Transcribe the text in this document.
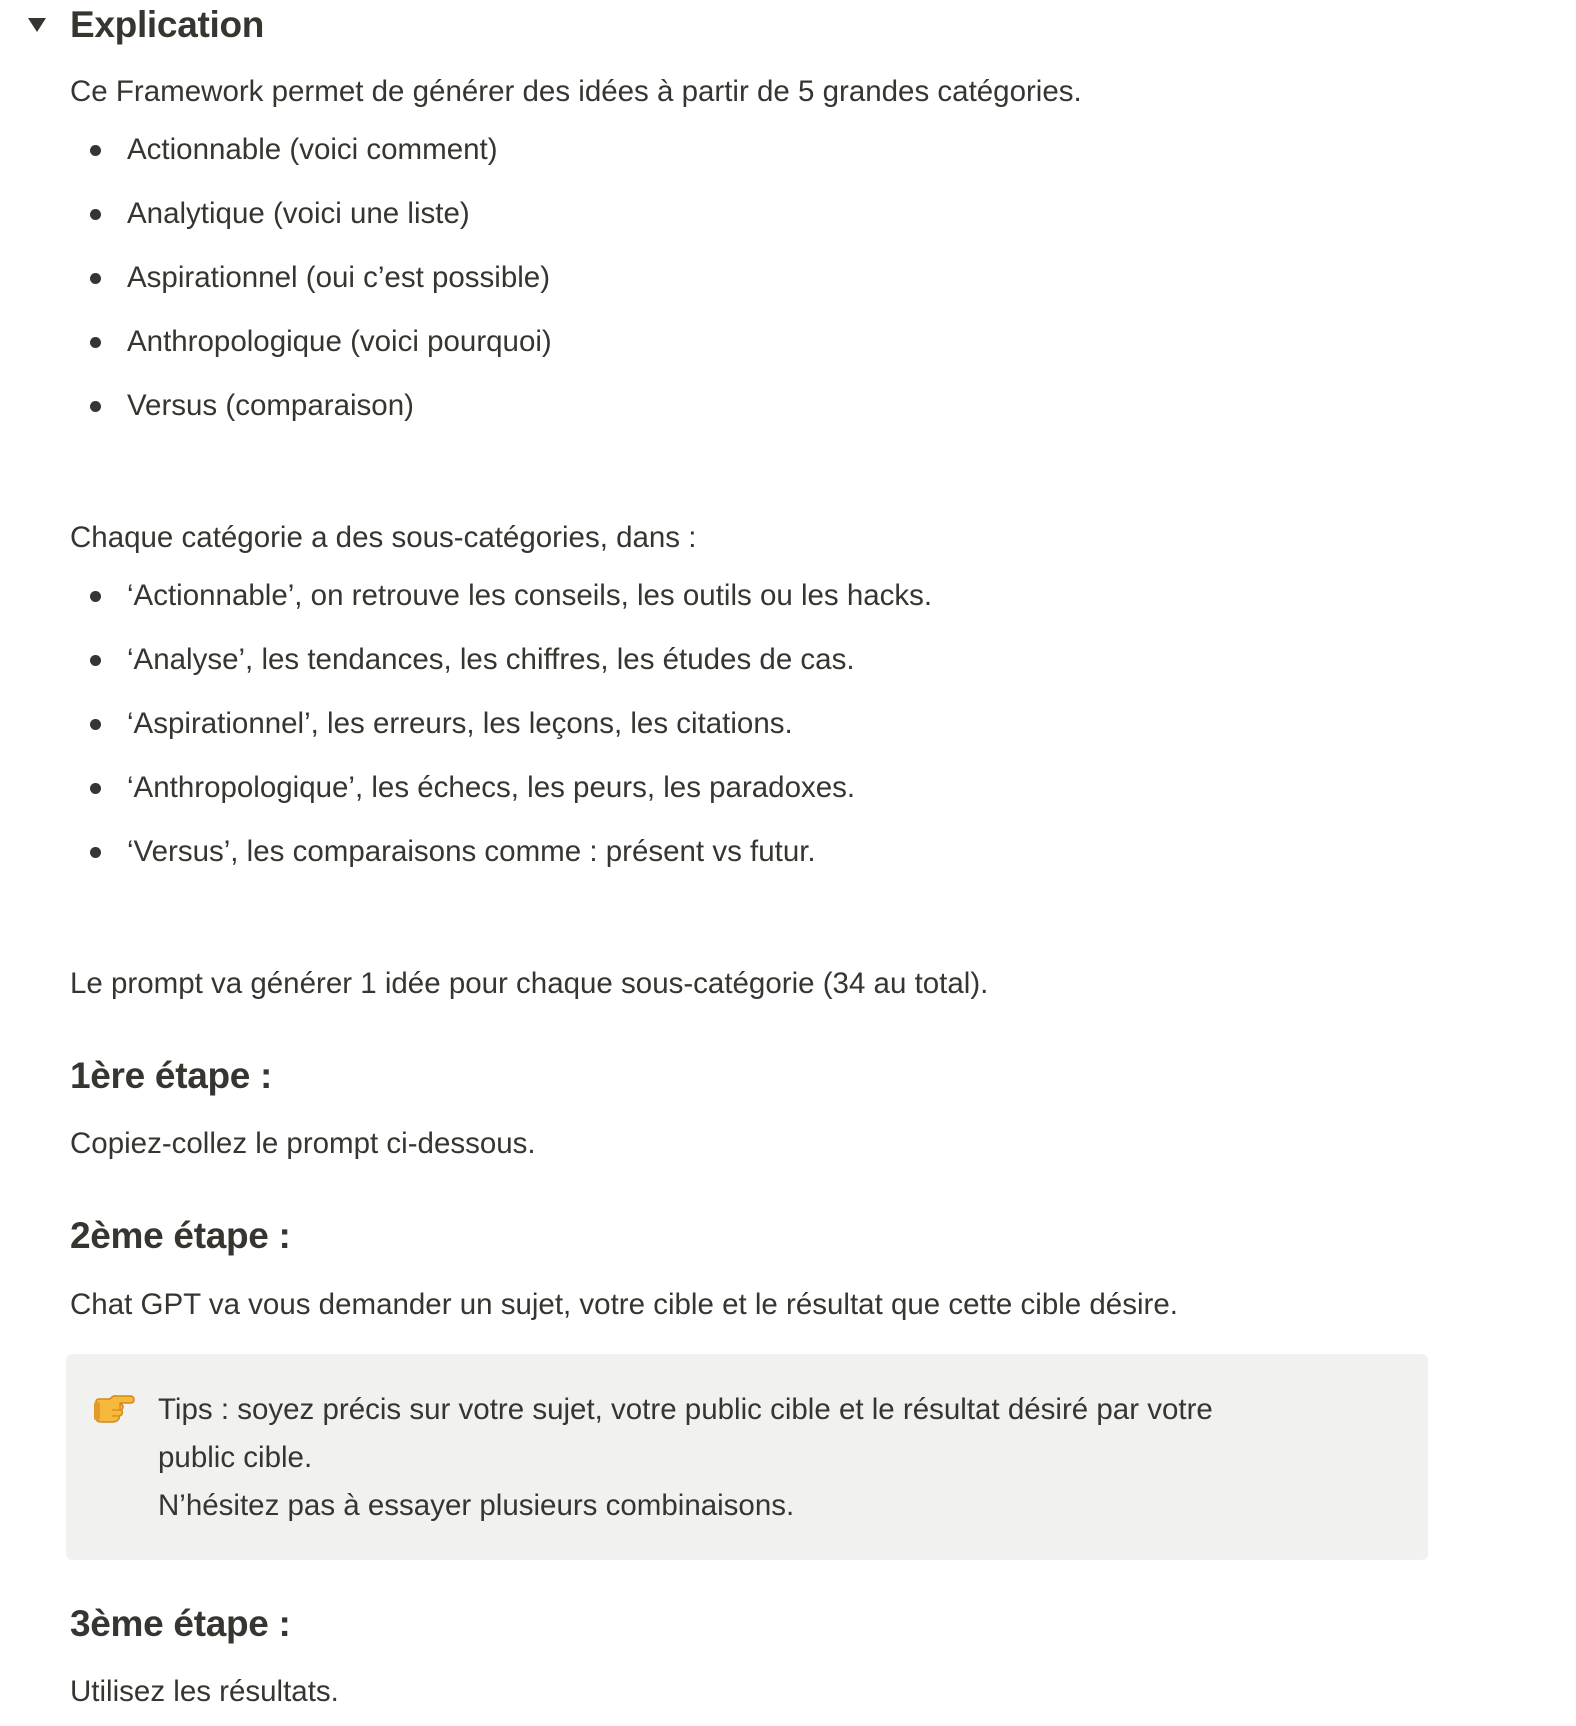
Explication

Ce Framework permet de générer des idées à partir de 5 grandes catégories.

Actionnable (voici comment)
Analytique (voici une liste)
Aspirationnel (oui c’est possible)
Anthropologique (voici pourquoi)
Versus (comparaison)

Chaque catégorie a des sous-catégories, dans :

‘Actionnable’, on retrouve les conseils, les outils ou les hacks.
‘Analyse’, les tendances, les chiffres, les études de cas.
‘Aspirationnel’, les erreurs, les leçons, les citations.
‘Anthropologique’, les échecs, les peurs, les paradoxes.
‘Versus’, les comparaisons comme : présent vs futur.

Le prompt va générer 1 idée pour chaque sous-catégorie (34 au total).

1ère étape :

Copiez-collez le prompt ci-dessous.

2ème étape :

Chat GPT va vous demander un sujet, votre cible et le résultat que cette cible désire.

Tips : soyez précis sur votre sujet, votre public cible et le résultat désiré par votre
public cible.
N’hésitez pas à essayer plusieurs combinaisons.
3ème étape :

Utilisez les résultats.
